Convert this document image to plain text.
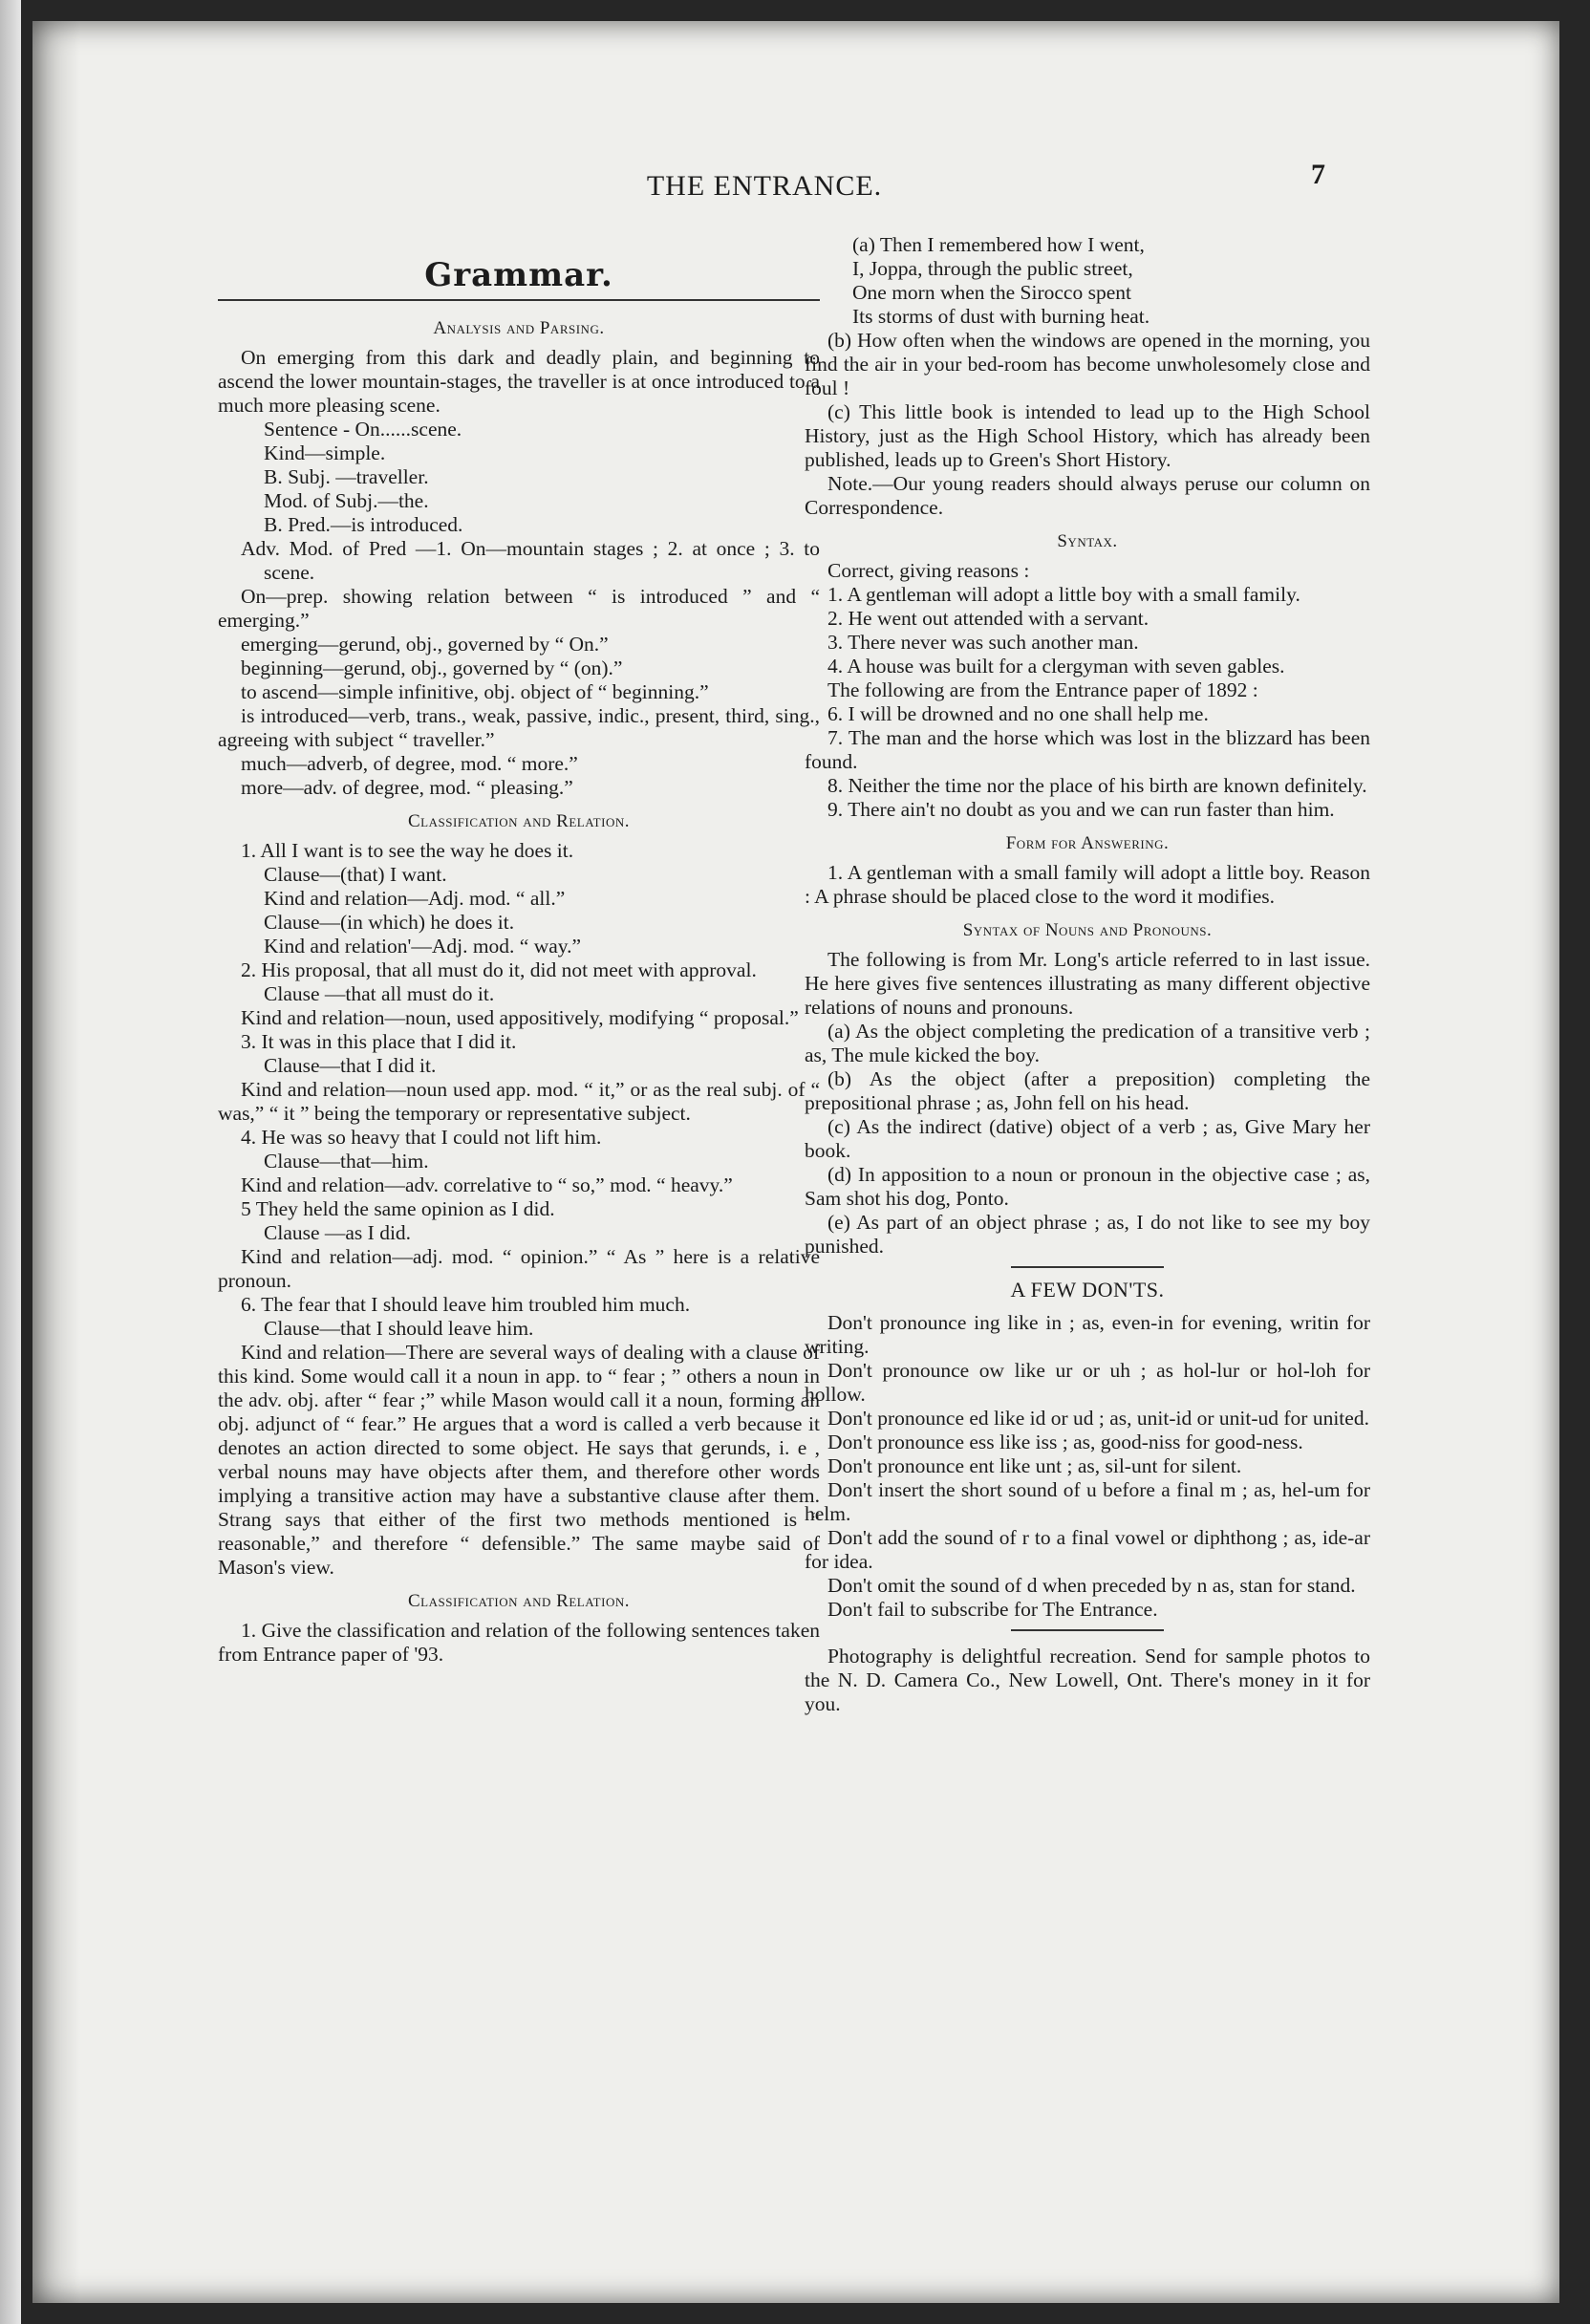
THE ENTRANCE.	7
Grammar.
Analysis and Parsing.

On emerging from this dark and deadly plain, and beginning to ascend the lower mountain-stages, the traveller is at once introduced to a much more pleasing scene.

Sentence - On......scene.

Kind—simple.

B. Subj. —traveller.

Mod. of Subj.—the.

B. Pred.—is introduced.

Adv. Mod. of Pred —1. On—mountain stages ; 2. at once ; 3. to scene.

On—prep. showing relation between “ is introduced ” and “ emerging.”

emerging—gerund, obj., governed by “ On.”

beginning—gerund, obj., governed by “ (on).”

to ascend—simple infinitive, obj. object of “ beginning.”

is introduced—verb, trans., weak, passive, indic., present, third, sing., agreeing with subject “ traveller.”

much—adverb, of degree, mod. “ more.”

more—adv. of degree, mod. “ pleasing.”

Classification and Relation.

1. All I want is to see the way he does it.

Clause—(that) I want.

Kind and relation—Adj. mod. “ all.”

Clause—(in which) he does it.

Kind and relation'—Adj. mod. “ way.”

2. His proposal, that all must do it, did not meet with approval.

Clause —that all must do it.

Kind and relation—noun, used appositively, modifying “ proposal.”

3. It was in this place that I did it.

Clause—that I did it.

Kind and relation—noun used app. mod. “ it,” or as the real subj. of “ was,” “ it ” being the temporary or representative subject.

4. He was so heavy that I could not lift him.

Clause—that—him.

Kind and relation—adv. correlative to “ so,” mod. “ heavy.”

5 They held the same opinion as I did.

Clause —as I did.

Kind and relation—adj. mod. “ opinion.” “ As ” here is a relative pronoun.

6. The fear that I should leave him troubled him much.

Clause—that I should leave him.

Kind and relation—There are several ways of dealing with a clause of this kind. Some would call it a noun in app. to “ fear ; ” others a noun in the adv. obj. after “ fear ;” while Mason would call it a noun, forming an obj. adjunct of “ fear.” He argues that a word is called a verb because it denotes an action directed to some object. He says that gerunds, i. e , verbal nouns may have objects after them, and therefore other words implying a transitive action may have a substantive clause after them. Strang says that either of the first two methods mentioned is “ reasonable,” and therefore “ defensible.” The same maybe said of Mason's view.

Classification and Relation.

1. Give the classification and relation of the following sentences taken from Entrance paper of '93.

(a) Then I remembered how I went,
I, Joppa, through the public street,
One morn when the Sirocco spent
Its storms of dust with burning heat.

(b) How often when the windows are opened in the morning, you find the air in your bed-room has become unwholesomely close and foul !

(c) This little book is intended to lead up to the High School History, just as the High School History, which has already been published, leads up to Green's Short History.

Note.—Our young readers should always peruse our column on Correspondence.

Syntax.

Correct, giving reasons :

1. A gentleman will adopt a little boy with a small family.

2. He went out attended with a servant.

3. There never was such another man.

4. A house was built for a clergyman with seven gables.

The following are from the Entrance paper of 1892 :

6. I will be drowned and no one shall help me.

7. The man and the horse which was lost in the blizzard has been found.

8. Neither the time nor the place of his birth are known definitely.

9. There ain't no doubt as you and we can run faster than him.

Form for Answering.

1. A gentleman with a small family will adopt a little boy. Reason : A phrase should be placed close to the word it modifies.

Syntax of Nouns and Pronouns.

The following is from Mr. Long's article referred to in last issue. He here gives five sentences illustrating as many different objective relations of nouns and pronouns.

(a) As the object completing the predication of a transitive verb ; as, The mule kicked the boy.

(b) As the object (after a preposition) completing the prepositional phrase ; as, John fell on his head.

(c) As the indirect (dative) object of a verb ; as, Give Mary her book.

(d) In apposition to a noun or pronoun in the objective case ; as, Sam shot his dog, Ponto.

(e) As part of an object phrase ; as, I do not like to see my boy punished.

A FEW DON'TS.

Don't pronounce ing like in ; as, even-in for evening, writin for writing.

Don't pronounce ow like ur or uh ; as hol-lur or hol-loh for hollow.

Don't pronounce ed like id or ud ; as, unit-id or unit-ud for united.

Don't pronounce ess like iss ; as, good-niss for good-ness.

Don't pronounce ent like unt ; as, sil-unt for silent.

Don't insert the short sound of u before a final m ; as, hel-um for helm.

Don't add the sound of r to a final vowel or diphthong ; as, ide-ar for idea.

Don't omit the sound of d when preceded by n as, stan for stand.

Don't fail to subscribe for The Entrance.

Photography is delightful recreation. Send for sample photos to the N. D. Camera Co., New Lowell, Ont. There's money in it for you.
